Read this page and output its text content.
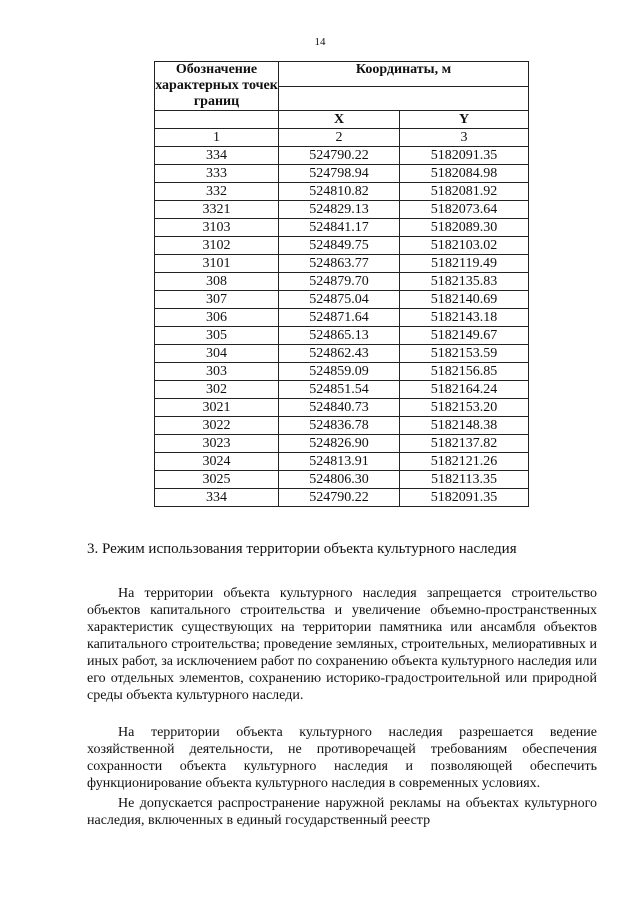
14
Обозначение характерных точек границ	Координаты, м	

	X	Y
1	2	3
334	524790.22	5182091.35
333	524798.94	5182084.98
332	524810.82	5182081.92
3321	524829.13	5182073.64
3103	524841.17	5182089.30
3102	524849.75	5182103.02
3101	524863.77	5182119.49
308	524879.70	5182135.83
307	524875.04	5182140.69
306	524871.64	5182143.18
305	524865.13	5182149.67
304	524862.43	5182153.59
303	524859.09	5182156.85
302	524851.54	5182164.24
3021	524840.73	5182153.20
3022	524836.78	5182148.38
3023	524826.90	5182137.82
3024	524813.91	5182121.26
3025	524806.30	5182113.35
334	524790.22	5182091.35
3. Режим использования территории объекта культурного наследия
На территории объекта культурного наследия запрещается строительство объектов капитального строительства и увеличение объемно-пространственных характеристик существующих на территории памятника или ансамбля объектов капитального строительства; проведение земляных, строительных, мелиоративных и иных работ, за исключением работ по сохранению объекта культурного наследия или его отдельных элементов, сохранению историко-градостроительной или природной среды объекта культурного наследи.
На территории объекта культурного наследия разрешается ведение хозяйственной деятельности, не противоречащей требованиям обеспечения сохранности объекта культурного наследия и позволяющей обеспечить функционирование объекта культурного наследия в современных условиях.
Не допускается распространение наружной рекламы на объектах культурного наследия, включенных в единый государственный реестр
